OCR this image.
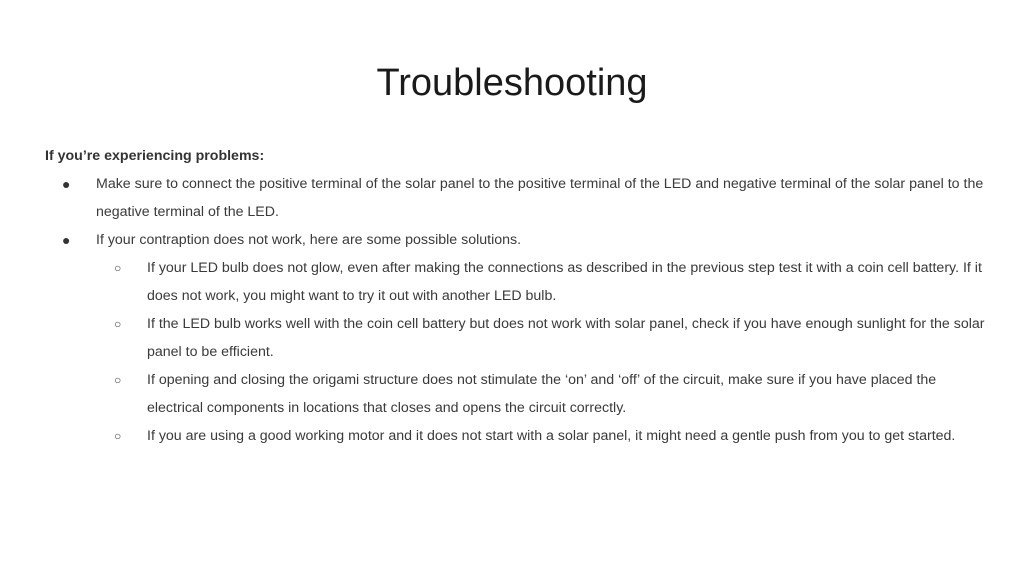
Troubleshooting

If you’re experiencing problems:

● Make sure to connect the positive terminal of the solar panel to the positive terminal of the LED and negative terminal of the solar panel to the negative terminal of the LED.
● If your contraption does not work, here are some possible solutions.
○ If your LED bulb does not glow, even after making the connections as described in the previous step test it with a coin cell battery. If it does not work, you might want to try it out with another LED bulb.
○ If the LED bulb works well with the coin cell battery but does not work with solar panel, check if you have enough sunlight for the solar panel to be efficient.
○ If opening and closing the origami structure does not stimulate the ‘on’ and ‘off’ of the circuit, make sure if you have placed the electrical components in locations that closes and opens the circuit correctly.
○ If you are using a good working motor and it does not start with a solar panel, it might need a gentle push from you to get started.
